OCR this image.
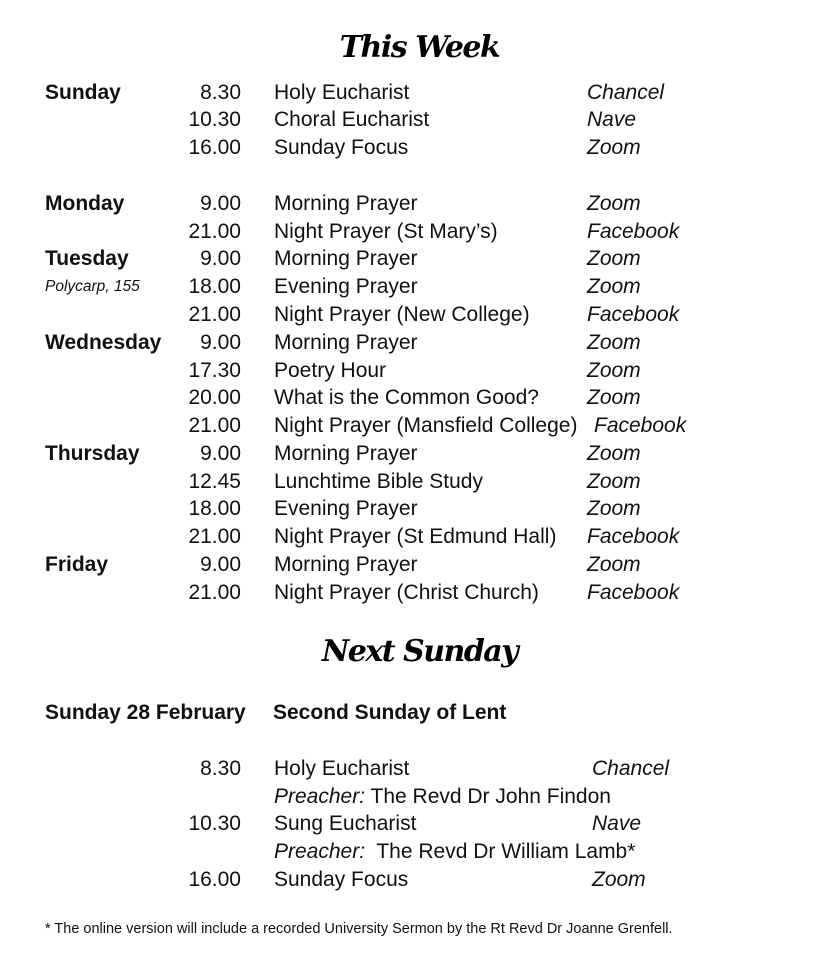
This Week
Sunday	8.30 Holy Eucharist	Chancel
10.30 Choral Eucharist	Nave
16.00 Sunday Focus	Zoom
Monday	9.00 Morning Prayer	Zoom
21.00 Night Prayer (St Mary’s)	Facebook
Tuesday	9.00 Morning Prayer	Zoom
Polycarp, 155	18.00 Evening Prayer	Zoom
21.00 Night Prayer (New College)	Facebook
Wednesday	9.00 Morning Prayer	Zoom
17.30 Poetry Hour	Zoom
20.00 What is the Common Good? Zoom
21.00 Night Prayer (Mansfield College) Facebook
Thursday	9.00 Morning Prayer	Zoom
12.45 Lunchtime Bible Study	Zoom
18.00 Evening Prayer	Zoom
21.00 Night Prayer (St Edmund Hall) Facebook
Friday	9.00 Morning Prayer	Zoom
21.00 Night Prayer (Christ Church) Facebook
Next Sunday
Sunday 28 February Second Sunday of Lent
8.30 Holy Eucharist	Chancel
Preacher: The Revd Dr John Findon
10.30 Sung Eucharist	Nave
Preacher: The Revd Dr William Lamb*
16.00 Sunday Focus	Zoom
* The online version will include a recorded University Sermon by the Rt Revd Dr Joanne Grenfell.
